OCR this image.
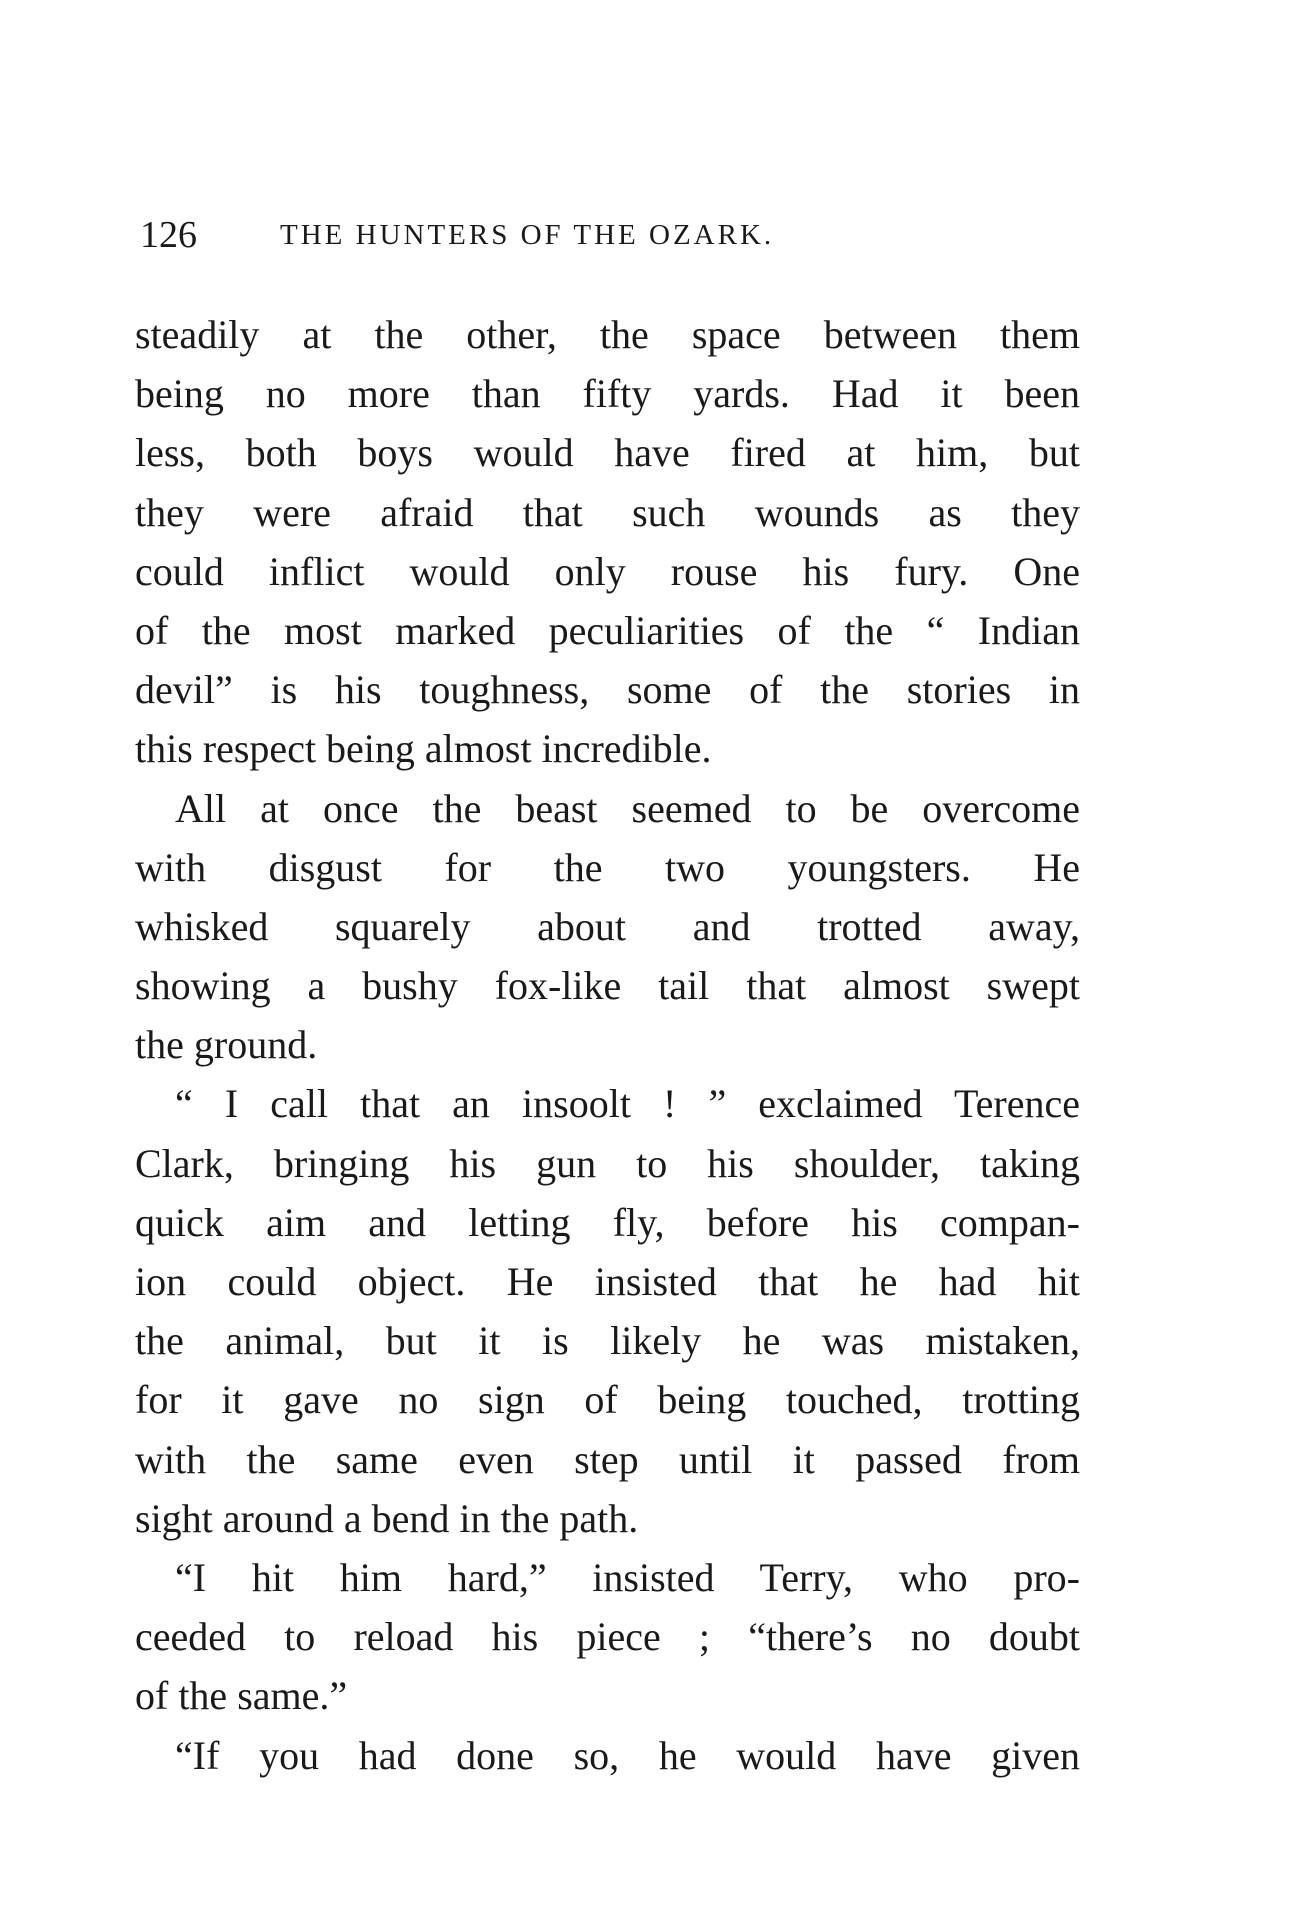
126	THE HUNTERS OF THE OZARK.
steadily at the other, the space between them
being no more than fifty yards. Had it been
less, both boys would have fired at him, but
they were afraid that such wounds as they
could inflict would only rouse his fury. One
of the most marked peculiarities of the “ Indian
devil” is his toughness, some of the stories in
this respect being almost incredible.
All at once the beast seemed to be overcome
with disgust for the two youngsters. He
whisked squarely about and trotted away,
showing a bushy fox-like tail that almost swept
the ground.
“ I call that an insoolt ! ” exclaimed Terence
Clark, bringing his gun to his shoulder, taking
quick aim and letting fly, before his compan-
ion could object. He insisted that he had hit
the animal, but it is likely he was mistaken,
for it gave no sign of being touched, trotting
with the same even step until it passed from
sight around a bend in the path.
“I hit him hard,” insisted Terry, who pro-
ceeded to reload his piece ; “there’s no doubt
of the same.”
“If you had done so, he would have given
